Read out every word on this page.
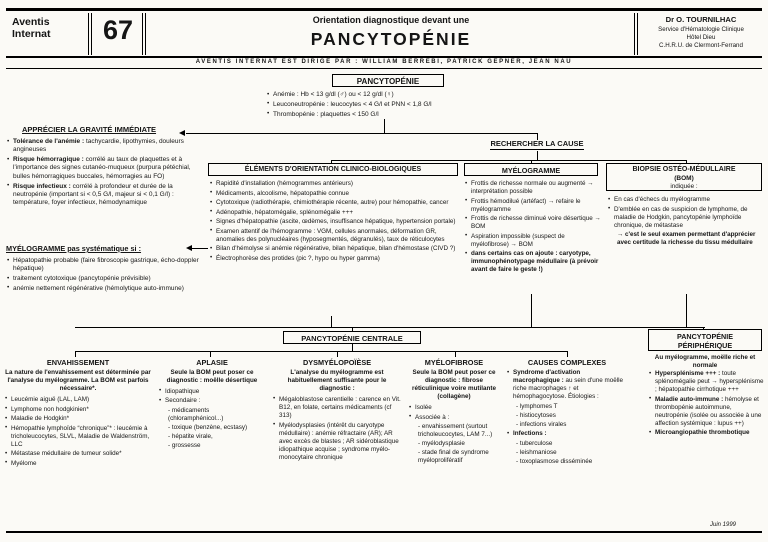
Aventis
Internat 67	Orientation diagnostique devant une
PANCYTOPÉNIE
Dr O. TOURNILHAC
Service d'Hématologie Clinique
Hôtel Dieu
C.H.R.U. de Clermont-Ferrand
AVENTIS INTERNAT EST DIRIGÉ PAR : WILLIAM BERREBI, PATRICK GEPNER, JEAN NAU
PANCYTOPÉNIE
• Anémie : Hb < 13 g/dl (♂) ou < 12 g/dl (♀)
• Leuconeutropénie : leucocytes < 4 G/l et PNN < 1,8 G/l
• Thrombopénie : plaquettes < 150 G/l
APPRÉCIER LA GRAVITÉ IMMÉDIATE
• Tolérance de l'anémie : tachycardie, lipothymies, douleurs angineuses
• Risque hémorragique : corrélé au taux de plaquettes et à l'importance des signes cutanéo-muqueux (purpura pétéchial, bulles hémorragiques buccales, hémorragies au FO)
• Risque infectieux : corrélé à profondeur et durée de la neutropénie (important si < 0,5 G/l, majeur si < 0,1 G/l) : température, foyer infectieux, hémodynamique
MYÉLOGRAMME pas systématique si :
• Hépatopathie probable (faire fibroscopie gastrique, écho-doppler hépatique)
• traitement cytotoxique (pancytopénie prévisible)
• anémie nettement régénérative (hémolytique auto-immune)
RECHERCHER LA CAUSE
ÉLÉMENTS D'ORIENTATION CLINICO-BIOLOGIQUES
• Rapidité d'installation (hémogrammes antérieurs)
• Médicaments, alcoolisme, hépatopathie connue
• Cytotoxique (radiothérapie, chimiothérapie récente, autre) pour hémopathie, cancer
• Adénopathie, hépatomégalie, splénomégalie +++
• Signes d'hépatopathie (ascite, œdèmes, insuffisance hépatique, hypertension portale)
• Examen attentif de l'hémogramme : VGM, cellules anormales, déformation GR, anomalies des polynucléaires (hyposegmentés, dégranulés), taux de réticulocytes
• Bilan d'hémolyse si anémie régénérative, bilan hépatique, bilan d'hémostase (CIVD ?)
• Électrophorèse des protides (pic ?, hypo ou hyper gamma)
MYÉLOGRAMME
• Frottis de richesse normale ou augmenté → interprétation possible
• Frottis hémodilué (artéfact) → refaire le myélogramme
• Frottis de richesse diminué voire désertique → BOM
• Aspiration impossible (suspect de myélofibrose) → BOM
• dans certains cas on ajoute : caryotype, immunophénotypage médullaire (à prévoir avant de faire le geste !)
BIOPSIE OSTÉO-MÉDULLAIRE
(BOM)
indiquée :
• En cas d'échecs du myélogramme
• D'emblée en cas de suspicion de lymphome, de maladie de Hodgkin, pancytopénie lymphoïde chronique, de métastase
→ c'est le seul examen permettant d'apprécier avec certitude la richesse du tissu médullaire
PANCYTOPÉNIE CENTRALE
ENVAHISSEMENT
La nature de l'envahissement est déterminée par l'analyse du myélogramme. La BOM est parfois nécessaire*.
• Leucémie aiguë (LAL, LAM)
• Lymphome non hodgkinien*
• Maladie de Hodgkin*
• Hémopathie lymphoïde “chronique”* : leucémie à tricholeucocytes, SLVL, Maladie de Waldenström, LLC
• Métastase médullaire de tumeur solide*
• Myélome
APLASIE
Seule la BOM peut poser ce diagnostic : moëlle désertique
• Idiopathique
• Secondaire :
- médicaments (chloramphénicol...)
- toxique (benzène, ecstasy)
- hépatite virale,
- grossesse
DYSMYÉLOPOÏÈSE
L'analyse du myélogramme est habituellement suffisante pour le diagnostic :
• Mégaloblastose carentielle : carence en Vit. B12, en folate, certains médicaments (cf 313)
• Myélodysplasies (intérêt du caryotype médullaire) : anémie réfractaire (AR); AR avec excès de blastes ; AR sidéroblastique idiopathique acquise ; syndrome myélo-monocytaire chronique
MYÉLOFIBROSE
Seule la BOM peut poser ce diagnostic : fibrose réticulinique voire mutilante (collagène)
• Isolée
• Associée à :
- envahissement (surtout tricholeucocytes, LAM 7...)
- myélodysplasie
- stade final de syndrome myéloprolifératif
CAUSES COMPLEXES
• Syndrome d'activation macrophagique : au sein d'une moëlle riche macrophages ↑ et hémophagocytose. Étiologies :
- lymphomes T
- histiocytoses
- infections virales
• Infections :
- tuberculose
- leishmaniose
- toxoplasmose disséminée
PANCYTOPÉNIE PÉRIPHÉRIQUE
Au myélogramme, moëlle riche et normale
• Hypersplénisme +++ : toute splénomégalie peut → hypersplénisme ; hépatopathie cirrhotique +++
• Maladie auto-immune : hémolyse et thrombopénie autoimmune, neutropénie (isolée ou associée à une affection systémique : lupus ++)
• Microangiopathie thrombotique
Juin 1999
